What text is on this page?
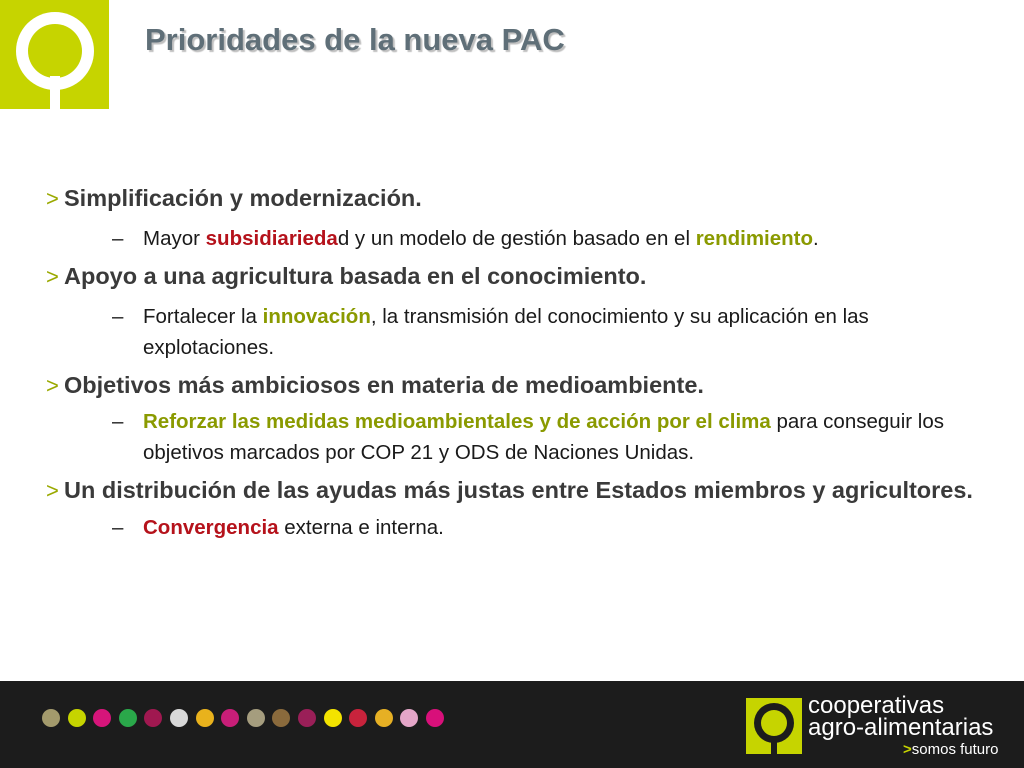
Prioridades de la nueva PAC
> Simplificación y modernización.
– Mayor subsidiariedad y un modelo de gestión basado en el rendimiento.
> Apoyo a una agricultura basada en el conocimiento.
– Fortalecer la innovación, la transmisión del conocimiento y su aplicación en las explotaciones.
> Objetivos más ambiciosos en materia de medioambiente.
– Reforzar las medidas medioambientales y de acción por el clima para conseguir los objetivos marcados por COP 21 y ODS de Naciones Unidas.
> Un distribución de las ayudas más justas entre Estados miembros y agricultores.
– Convergencia externa e interna.
cooperativas
agro-alimentarias
>somos futuro
